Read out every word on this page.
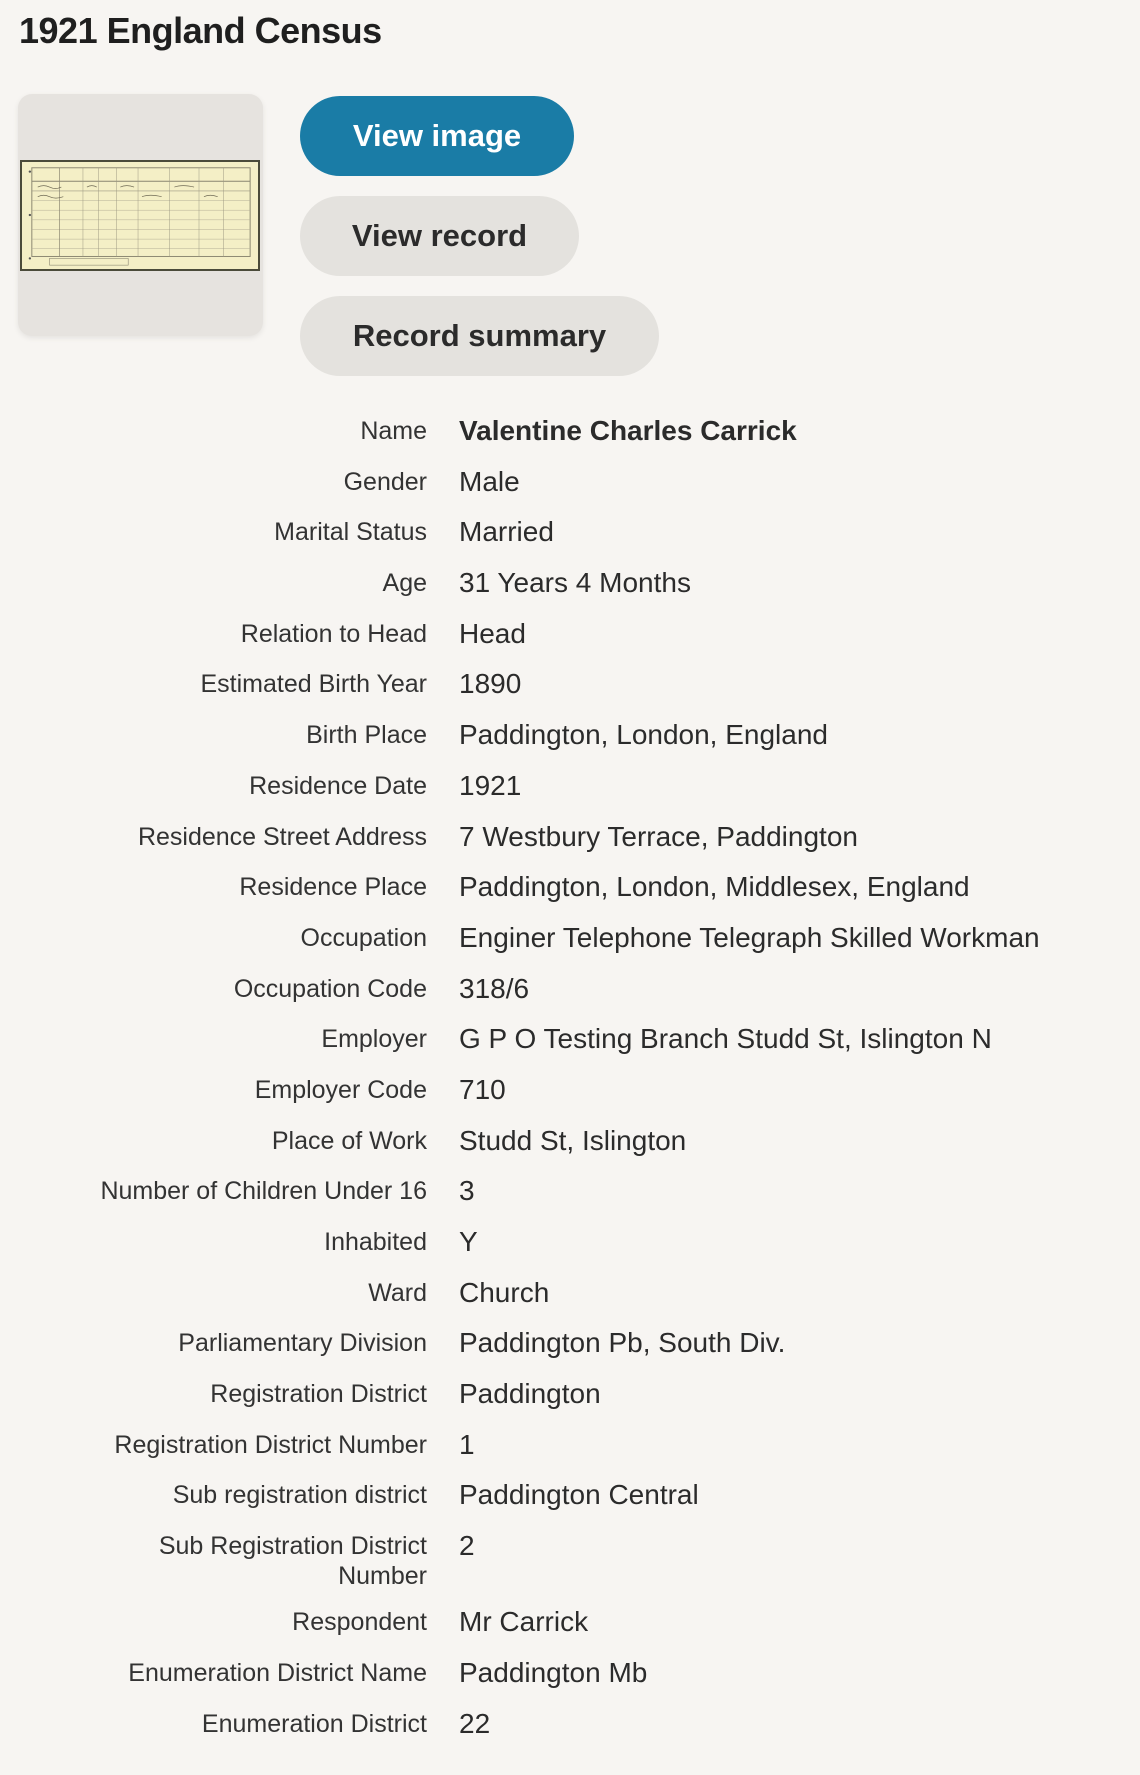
1921 England Census
View image
View record
Record summary
Name Valentine Charles Carrick
Gender Male
Marital Status Married
Age 31 Years 4 Months
Relation to Head Head
Estimated Birth Year 1890
Birth Place Paddington, London, England
Residence Date 1921
Residence Street Address 7 Westbury Terrace, Paddington
Residence Place Paddington, London, Middlesex, England
Occupation Enginer Telephone Telegraph Skilled Workman
Occupation Code 318/6
Employer G P O Testing Branch Studd St, Islington N
Employer Code 710
Place of Work Studd St, Islington
Number of Children Under 16 3
Inhabited Y
Ward Church
Parliamentary Division Paddington Pb, South Div.
Registration District Paddington
Registration District Number 1
Sub registration district Paddington Central
Sub Registration District Number
2
Respondent Mr Carrick
Enumeration District Name Paddington Mb
Enumeration District 22
